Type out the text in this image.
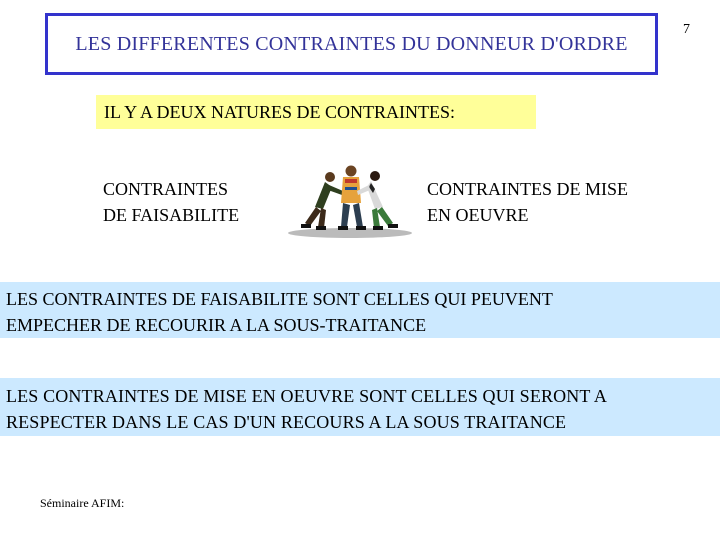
LES DIFFERENTES CONTRAINTES DU DONNEUR D'ORDRE
7
IL Y A DEUX NATURES DE CONTRAINTES:
CONTRAINTES
DE FAISABILITE
CONTRAINTES DE MISE
EN OEUVRE
LES CONTRAINTES DE FAISABILITE SONT CELLES QUI PEUVENT
EMPECHER DE RECOURIR A LA SOUS-TRAITANCE
LES CONTRAINTES DE MISE EN OEUVRE SONT CELLES QUI SERONT A
RESPECTER DANS LE CAS D'UN RECOURS A LA SOUS TRAITANCE
Séminaire AFIM:
